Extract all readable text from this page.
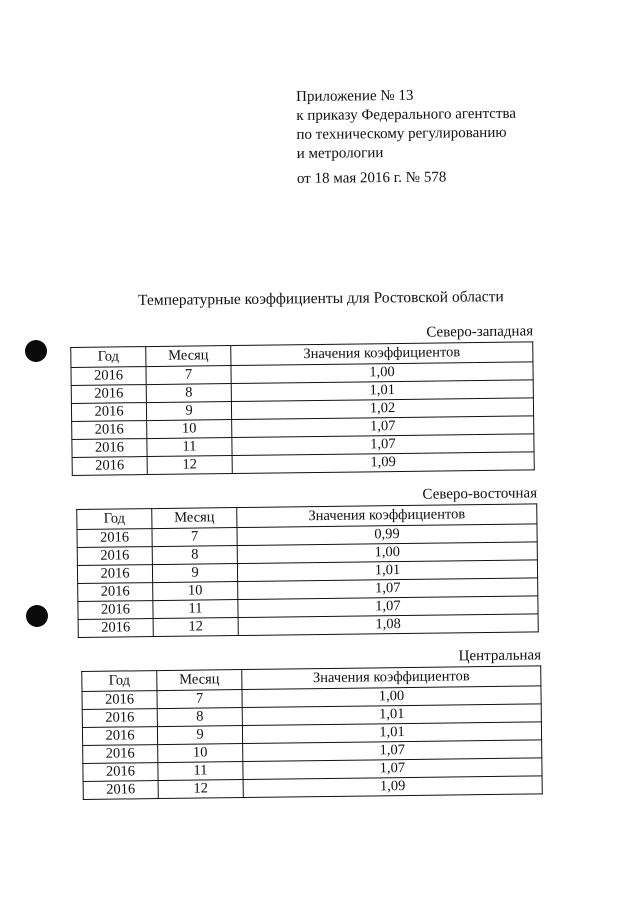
Приложение № 13
к приказу Федерального агентства
по техническому регулированию
и метрологии
от 18 мая 2016 г. № 578
Температурные коэффициенты для Ростовской области
Северо-западная
Год	Месяц	Значения коэффициентов
2016	7	1,00
2016	8	1,01
2016	9	1,02
2016	10	1,07
2016	11	1,07
2016	12	1,09
Северо-восточная
Год	Месяц	Значения коэффициентов
2016	7	0,99
2016	8	1,00
2016	9	1,01
2016	10	1,07
2016	11	1,07
2016	12	1,08
Центральная
Год	Месяц	Значения коэффициентов
2016	7	1,00
2016	8	1,01
2016	9	1,01
2016	10	1,07
2016	11	1,07
2016	12	1,09
